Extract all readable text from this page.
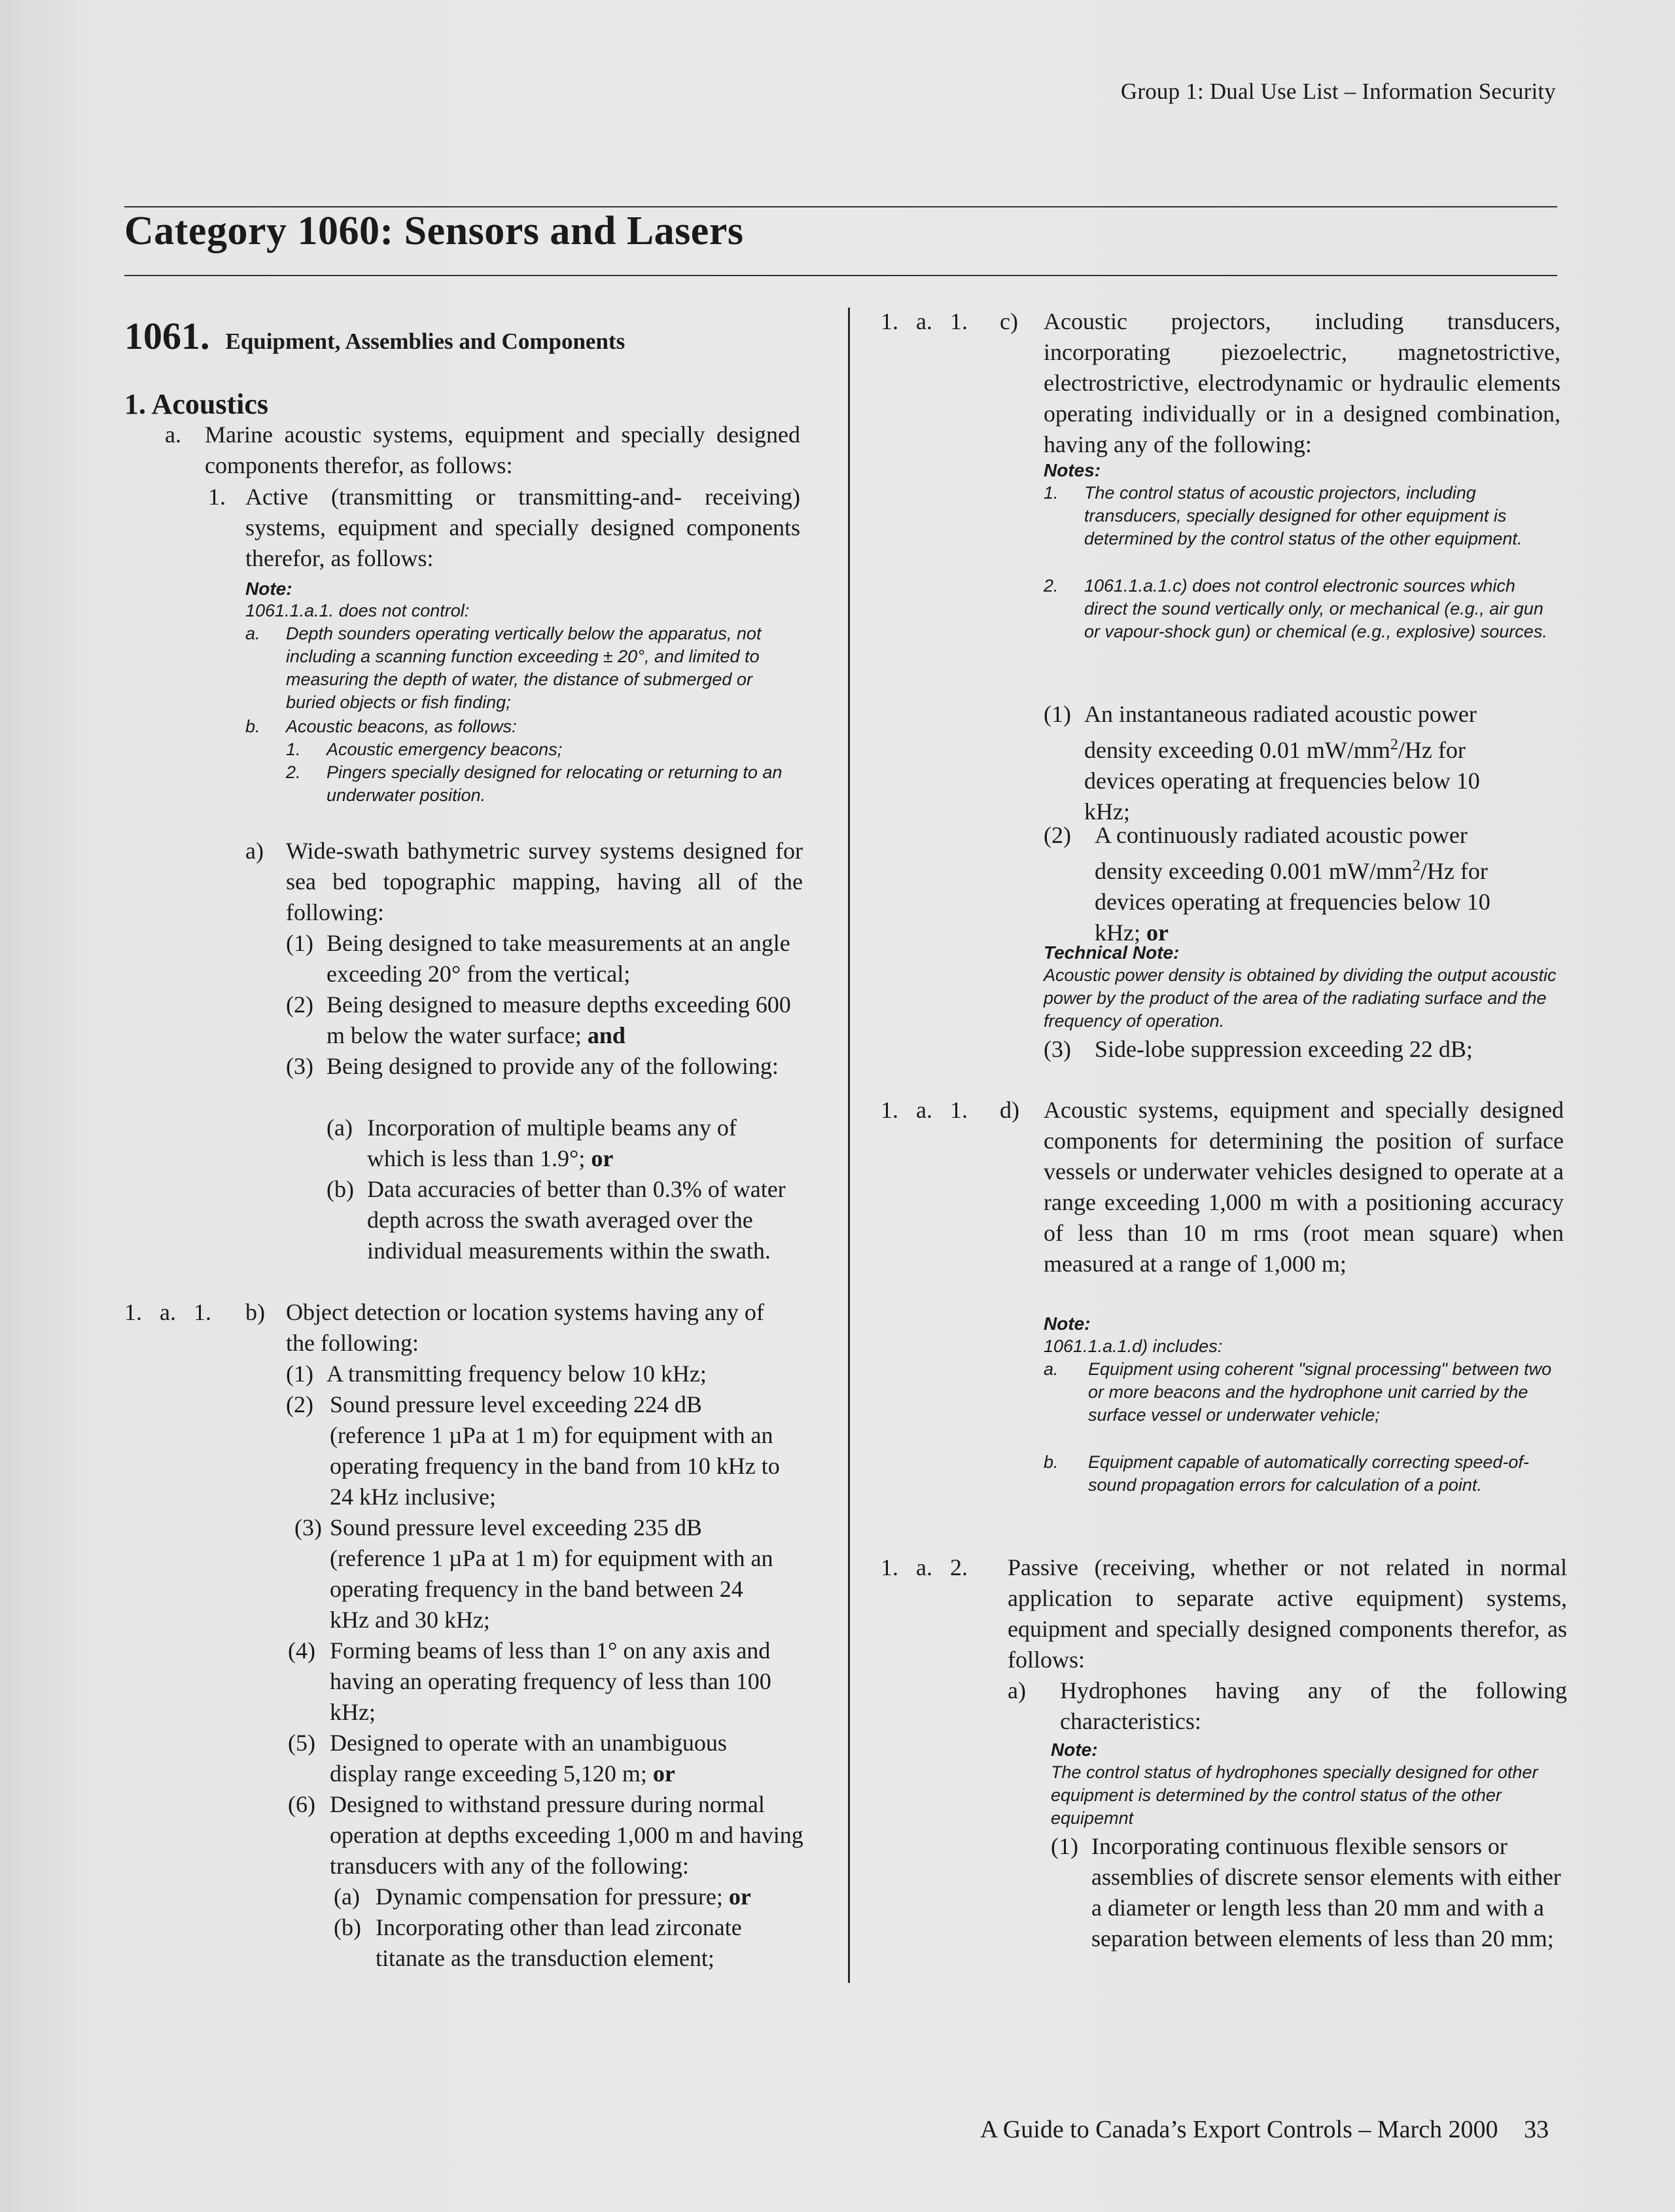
Group 1: Dual Use List – Information Security
Category 1060: Sensors and Lasers
1061. Equipment, Assemblies and Components
1. Acoustics
a. Marine acoustic systems, equipment and specially designed components therefor, as follows:
1. Active (transmitting or transmitting-and- receiving) systems, equipment and specially designed components therefor, as follows:
Note:
1061.1.a.1. does not control:
a. Depth sounders operating vertically below the apparatus, not including a scanning function exceeding ± 20°, and limited to measuring the depth of water, the distance of submerged or buried objects or fish finding;
b. Acoustic beacons, as follows:
1. Acoustic emergency beacons;
2. Pingers specially designed for relocating or returning to an underwater position.
a) Wide-swath bathymetric survey systems designed for sea bed topographic mapping, having all of the following:
(1) Being designed to take measurements at an angle exceeding 20° from the vertical;
(2) Being designed to measure depths exceeding 600 m below the water surface; and
(3) Being designed to provide any of the following:
(a) Incorporation of multiple beams any of which is less than 1.9°; or
(b) Data accuracies of better than 0.3% of water depth across the swath averaged over the individual measurements within the swath.
1.   a.   1. b) Object detection or location systems having any of the following:
(1) A transmitting frequency below 10 kHz;
(2) Sound pressure level exceeding 224 dB (reference 1 µPa at 1 m) for equipment with an operating frequency in the band from 10 kHz to 24 kHz inclusive;
(3) Sound pressure level exceeding 235 dB (reference 1 µPa at 1 m) for equipment with an operating frequency in the band between 24 kHz and 30 kHz;
(4) Forming beams of less than 1° on any axis and having an operating frequency of less than 100 kHz;
(5) Designed to operate with an unambiguous display range exceeding 5,120 m; or
(6) Designed to withstand pressure during normal operation at depths exceeding 1,000 m and having transducers with any of the following:
(a) Dynamic compensation for pressure; or
(b) Incorporating other than lead zirconate titanate as the transduction element;
1.   a.   1. c) Acoustic projectors, including transducers, incorporating piezoelectric, magnetostrictive, electrostrictive, electrodynamic or hydraulic elements operating individually or in a designed combination, having any of the following:
Notes:
1. The control status of acoustic projectors, including transducers, specially designed for other equipment is determined by the control status of the other equipment.
2. 1061.1.a.1.c) does not control electronic sources which direct the sound vertically only, or mechanical (e.g., air gun or vapour-shock gun) or chemical (e.g., explosive) sources.
(1) An instantaneous radiated acoustic power density exceeding 0.01 $mW/mm^2/Hz$ for devices operating at frequencies below 10 kHz;
(2) A continuously radiated acoustic power density exceeding 0.001 $mW/mm^2/Hz$ for devices operating at frequencies below 10 kHz; or
Technical Note:
Acoustic power density is obtained by dividing the output acoustic power by the product of the area of the radiating surface and the frequency of operation.
(3) Side-lobe suppression exceeding 22 dB;
1.   a.   1. d) Acoustic systems, equipment and specially designed components for determining the position of surface vessels or underwater vehicles designed to operate at a range exceeding 1,000 m with a positioning accuracy of less than 10 m rms (root mean square) when measured at a range of 1,000 m;
Note:
1061.1.a.1.d) includes:
a. Equipment using coherent "signal processing" between two or more beacons and the hydrophone unit carried by the surface vessel or underwater vehicle;
b. Equipment capable of automatically correcting speed-of-sound propagation errors for calculation of a point.
1.   a.   2. Passive (receiving, whether or not related in normal application to separate active equipment) systems, equipment and specially designed components therefor, as follows:
a) Hydrophones having any of the following characteristics:
Note:
The control status of hydrophones specially designed for other equipment is determined by the control status of the other equipemnt
(1) Incorporating continuous flexible sensors or assemblies of discrete sensor elements with either a diameter or length less than 20 mm and with a separation between elements of less than 20 mm;
A Guide to Canada’s Export Controls – March 2000 33
